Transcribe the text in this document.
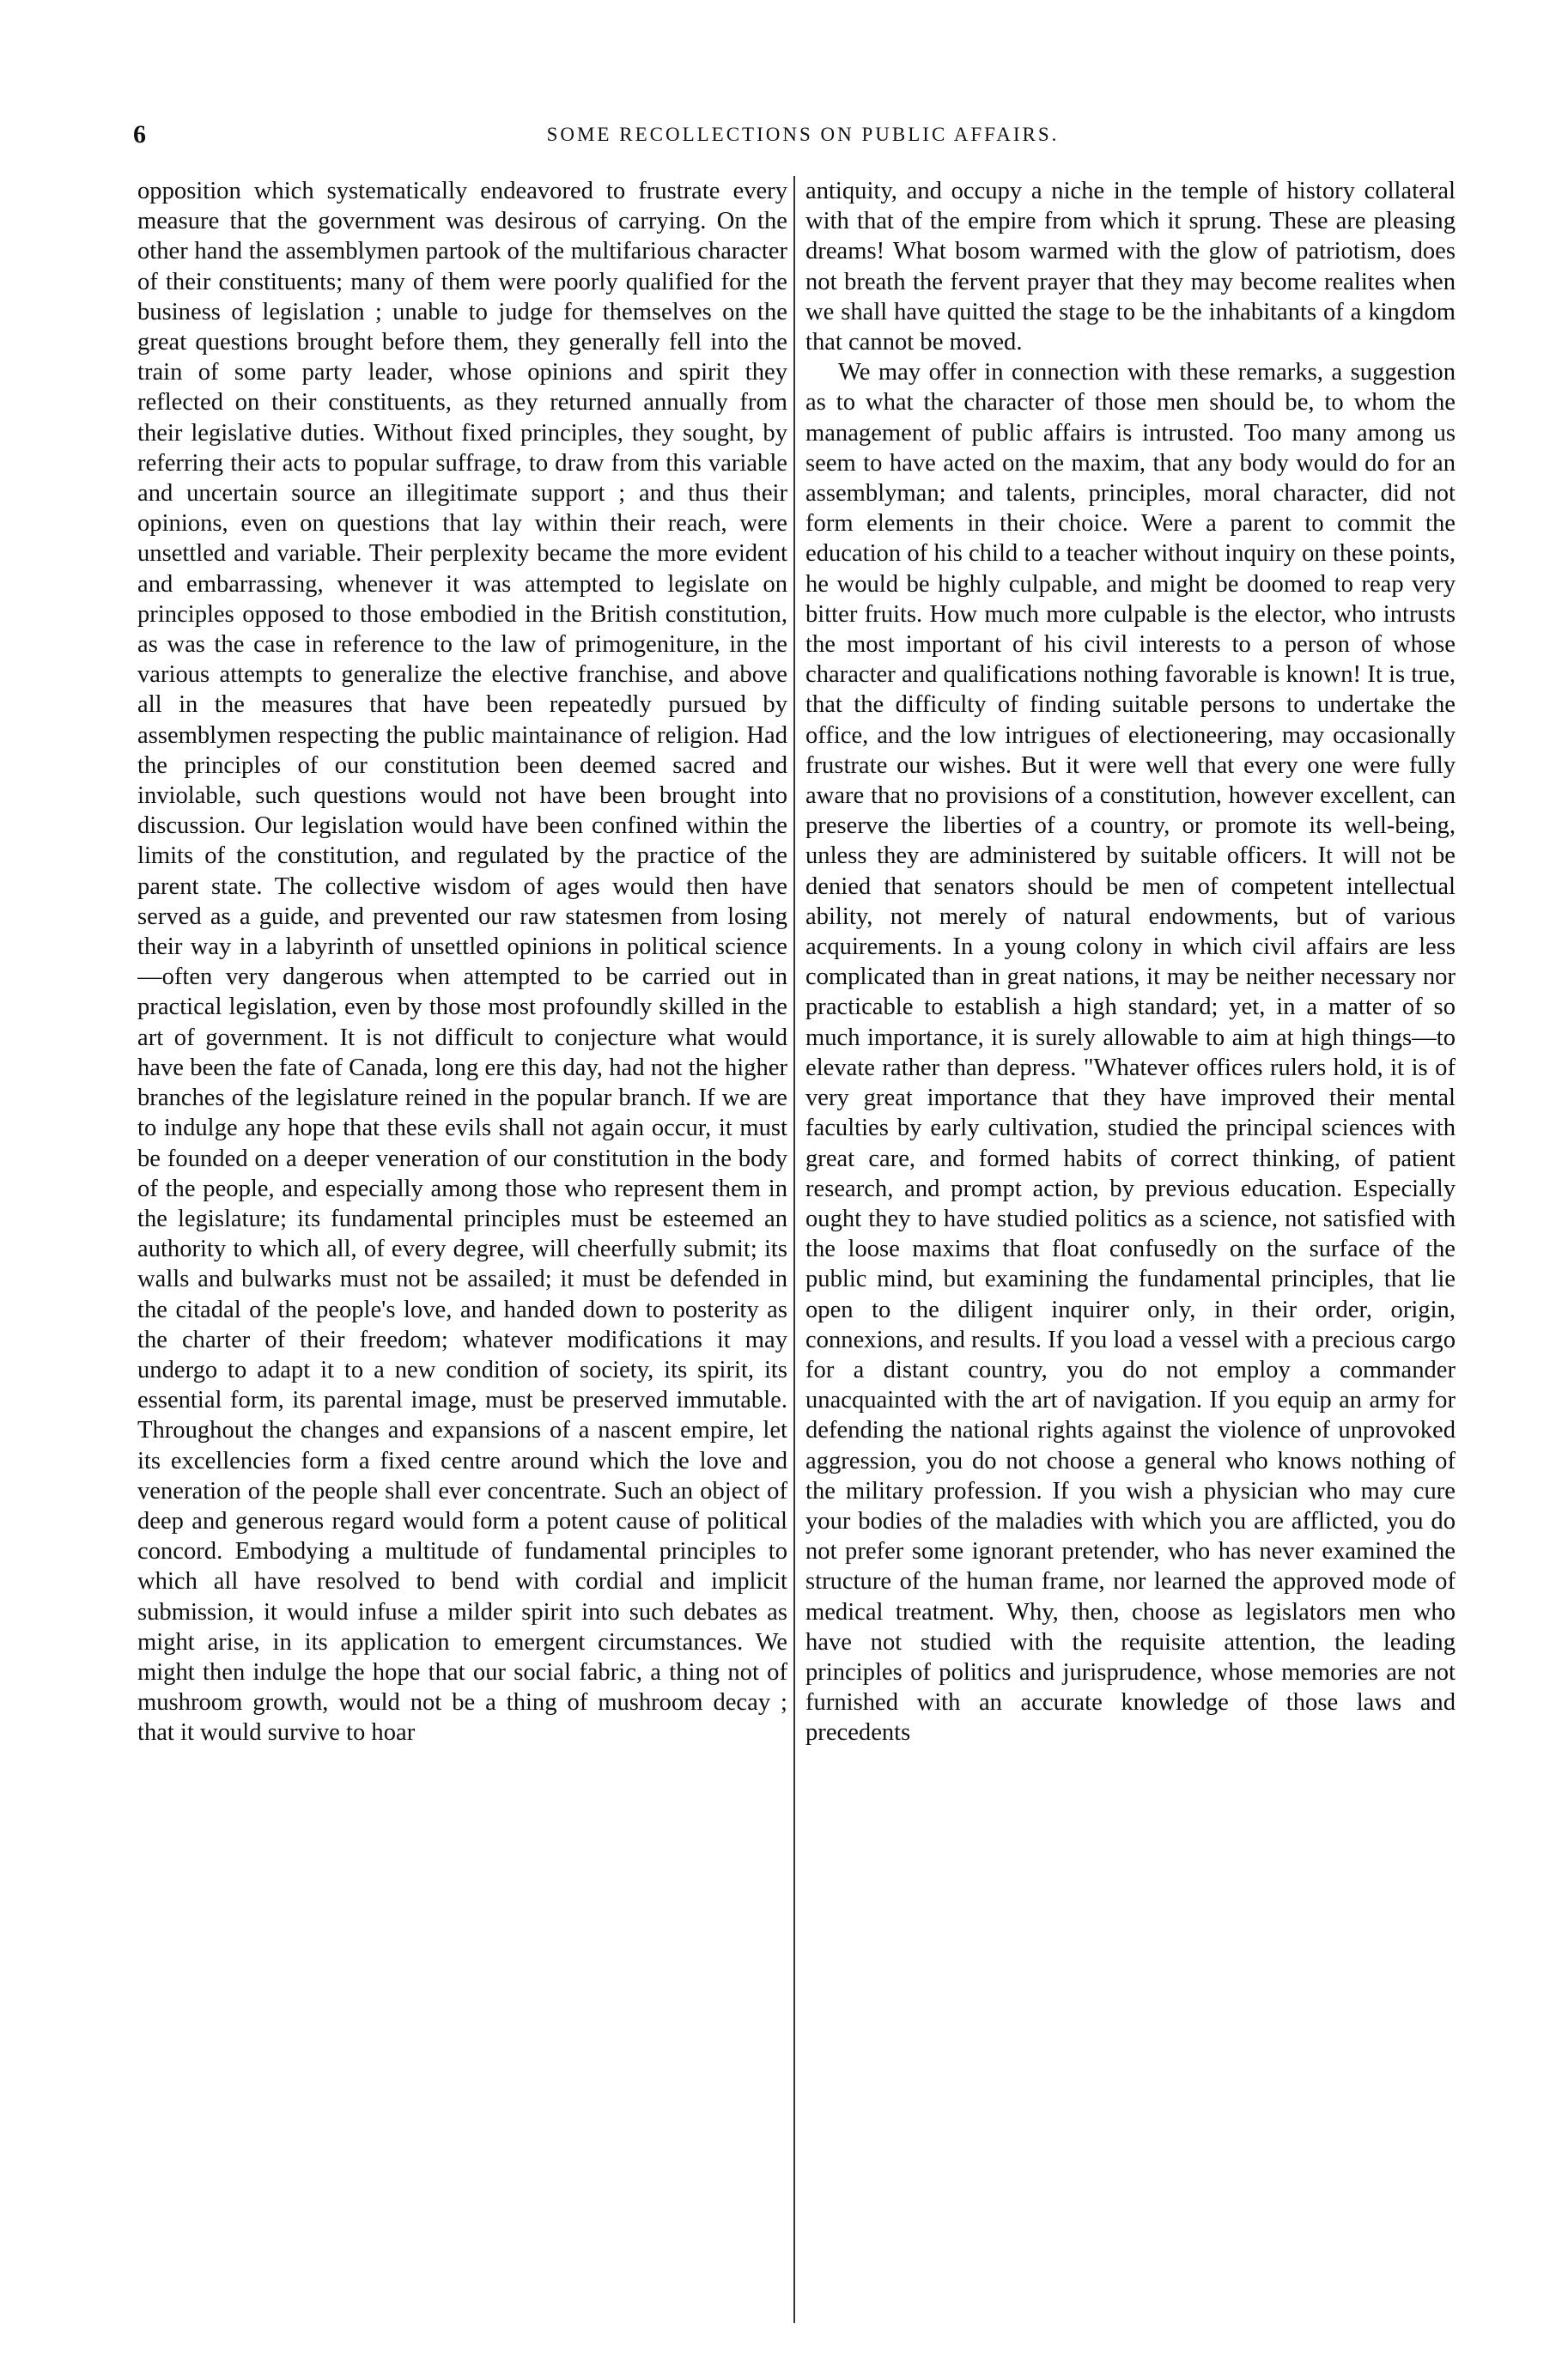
6	SOME RECOLLECTIONS ON PUBLIC AFFAIRS.

opposition which systematically endeavored to frustrate every measure that the government was desirous of carrying. On the other hand the assemblymen partook of the multifarious character of their constituents; many of them were poorly qualified for the business of legislation ; unable to judge for themselves on the great questions brought before them, they generally fell into the train of some party leader, whose opinions and spirit they reflected on their constituents, as they returned annually from their legislative duties. Without fixed principles, they sought, by referring their acts to popular suffrage, to draw from this variable and uncertain source an illegitimate support ; and thus their opinions, even on questions that lay within their reach, were unsettled and variable. Their perplexity became the more evident and embarrassing, whenever it was attempted to legislate on principles opposed to those embodied in the British constitution, as was the case in reference to the law of primogeniture, in the various attempts to generalize the elective franchise, and above all in the measures that have been repeatedly pursued by assemblymen respecting the public maintainance of religion. Had the principles of our constitution been deemed sacred and inviolable, such questions would not have been brought into discussion. Our legislation would have been confined within the limits of the constitution, and regulated by the practice of the parent state. The collective wisdom of ages would then have served as a guide, and prevented our raw statesmen from losing their way in a labyrinth of unsettled opinions in political science—often very dangerous when attempted to be carried out in practical legislation, even by those most profoundly skilled in the art of government. It is not difficult to conjecture what would have been the fate of Canada, long ere this day, had not the higher branches of the legislature reined in the popular branch. If we are to indulge any hope that these evils shall not again occur, it must be founded on a deeper veneration of our constitution in the body of the people, and especially among those who represent them in the legislature; its fundamental principles must be esteemed an authority to which all, of every degree, will cheerfully submit; its walls and bulwarks must not be assailed; it must be defended in the citadal of the people's love, and handed down to posterity as the charter of their freedom; whatever modifications it may undergo to adapt it to a new condition of society, its spirit, its essential form, its parental image, must be preserved immutable. Throughout the changes and expansions of a nascent empire, let its excellencies form a fixed centre around which the love and veneration of the people shall ever concentrate. Such an object of deep and generous regard would form a potent cause of political concord. Embodying a multitude of fundamental principles to which all have resolved to bend with cordial and implicit submission, it would infuse a milder spirit into such debates as might arise, in its application to emergent circumstances. We might then indulge the hope that our social fabric, a thing not of mushroom growth, would not be a thing of mushroom decay ; that it would survive to hoar

antiquity, and occupy a niche in the temple of history collateral with that of the empire from which it sprung. These are pleasing dreams! What bosom warmed with the glow of patriotism, does not breath the fervent prayer that they may become realites when we shall have quitted the stage to be the inhabitants of a kingdom that cannot be moved.

We may offer in connection with these remarks, a suggestion as to what the character of those men should be, to whom the management of public affairs is intrusted. Too many among us seem to have acted on the maxim, that any body would do for an assemblyman; and talents, principles, moral character, did not form elements in their choice. Were a parent to commit the education of his child to a teacher without inquiry on these points, he would be highly culpable, and might be doomed to reap very bitter fruits. How much more culpable is the elector, who intrusts the most important of his civil interests to a person of whose character and qualifications nothing favorable is known! It is true, that the difficulty of finding suitable persons to undertake the office, and the low intrigues of electioneering, may occasionally frustrate our wishes. But it were well that every one were fully aware that no provisions of a constitution, however excellent, can preserve the liberties of a country, or promote its well-being, unless they are administered by suitable officers. It will not be denied that senators should be men of competent intellectual ability, not merely of natural endowments, but of various acquirements. In a young colony in which civil affairs are less complicated than in great nations, it may be neither necessary nor practicable to establish a high standard; yet, in a matter of so much importance, it is surely allowable to aim at high things—to elevate rather than depress. "Whatever offices rulers hold, it is of very great importance that they have improved their mental faculties by early cultivation, studied the principal sciences with great care, and formed habits of correct thinking, of patient research, and prompt action, by previous education. Especially ought they to have studied politics as a science, not satisfied with the loose maxims that float confusedly on the surface of the public mind, but examining the fundamental principles, that lie open to the diligent inquirer only, in their order, origin, connexions, and results. If you load a vessel with a precious cargo for a distant country, you do not employ a commander unacquainted with the art of navigation. If you equip an army for defending the national rights against the violence of unprovoked aggression, you do not choose a general who knows nothing of the military profession. If you wish a physician who may cure your bodies of the maladies with which you are afflicted, you do not prefer some ignorant pretender, who has never examined the structure of the human frame, nor learned the approved mode of medical treatment. Why, then, choose as legislators men who have not studied with the requisite attention, the leading principles of politics and jurisprudence, whose memories are not furnished with an accurate knowledge of those laws and precedents
